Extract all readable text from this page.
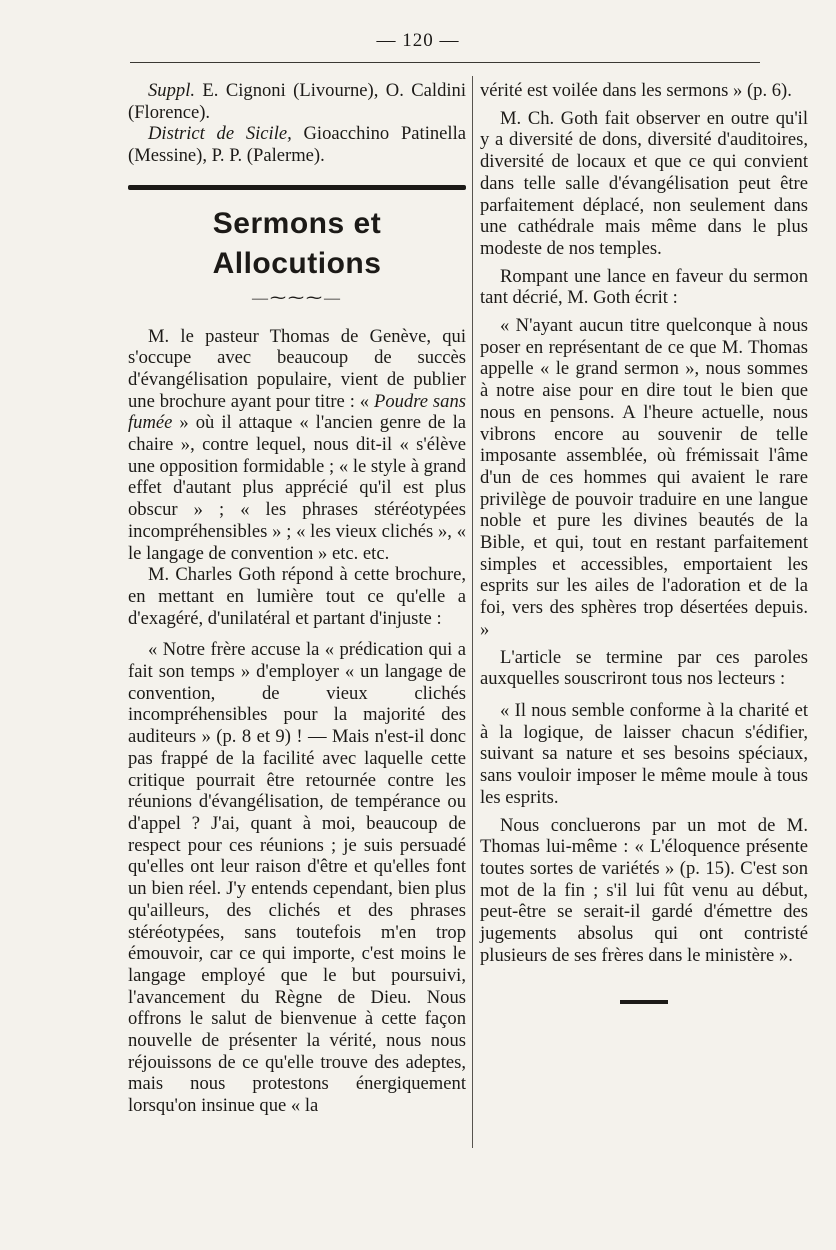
— 120 —

Suppl. E. Cignoni (Livourne), O. Caldini (Florence).

District de Sicile, Gioacchino Patinella (Messine), P. P. (Palerme).

Sermons et Allocutions
—⁓⁓⁓—

M. le pasteur Thomas de Genève, qui s'occupe avec beaucoup de succès d'évangélisation populaire, vient de publier une brochure ayant pour titre : « Poudre sans fumée » où il attaque « l'ancien genre de la chaire », contre lequel, nous dit-il « s'élève une opposition formidable ; « le style à grand effet d'autant plus apprécié qu'il est plus obscur » ; « les phrases stéréotypées incompréhensibles » ; « les vieux clichés », « le langage de convention » etc. etc.

M. Charles Goth répond à cette brochure, en mettant en lumière tout ce qu'elle a d'exagéré, d'unilatéral et partant d'injuste :

« Notre frère accuse la « prédication qui a fait son temps » d'employer « un langage de convention, de vieux clichés incompréhensibles pour la majorité des auditeurs » (p. 8 et 9) ! — Mais n'est-il donc pas frappé de la facilité avec laquelle cette critique pourrait être retournée contre les réunions d'évangélisation, de tempérance ou d'appel ? J'ai, quant à moi, beaucoup de respect pour ces réunions ; je suis persuadé qu'elles ont leur raison d'être et qu'elles font un bien réel. J'y entends cependant, bien plus qu'ailleurs, des clichés et des phrases stéréotypées, sans toutefois m'en trop émouvoir, car ce qui importe, c'est moins le langage employé que le but poursuivi, l'avancement du Règne de Dieu. Nous offrons le salut de bienvenue à cette façon nouvelle de présenter la vérité, nous nous réjouissons de ce qu'elle trouve des adeptes, mais nous protestons énergiquement lorsqu'on insinue que « la

vérité est voilée dans les sermons » (p. 6).

M. Ch. Goth fait observer en outre qu'il y a diversité de dons, diversité d'auditoires, diversité de locaux et que ce qui convient dans telle salle d'évangélisation peut être parfaitement déplacé, non seulement dans une cathédrale mais même dans le plus modeste de nos temples.

Rompant une lance en faveur du sermon tant décrié, M. Goth écrit :

« N'ayant aucun titre quelconque à nous poser en représentant de ce que M. Thomas appelle « le grand sermon », nous sommes à notre aise pour en dire tout le bien que nous en pensons. A l'heure actuelle, nous vibrons encore au souvenir de telle imposante assemblée, où frémissait l'âme d'un de ces hommes qui avaient le rare privilège de pouvoir traduire en une langue noble et pure les divines beautés de la Bible, et qui, tout en restant parfaitement simples et accessibles, emportaient les esprits sur les ailes de l'adoration et de la foi, vers des sphères trop désertées depuis. »

L'article se termine par ces paroles auxquelles souscriront tous nos lecteurs :

« Il nous semble conforme à la charité et à la logique, de laisser chacun s'édifier, suivant sa nature et ses besoins spéciaux, sans vouloir imposer le même moule à tous les esprits.

Nous concluerons par un mot de M. Thomas lui-même : « L'éloquence présente toutes sortes de variétés » (p. 15). C'est son mot de la fin ; s'il lui fût venu au début, peut-être se serait-il gardé d'émettre des jugements absolus qui ont contristé plusieurs de ses frères dans le ministère ».
